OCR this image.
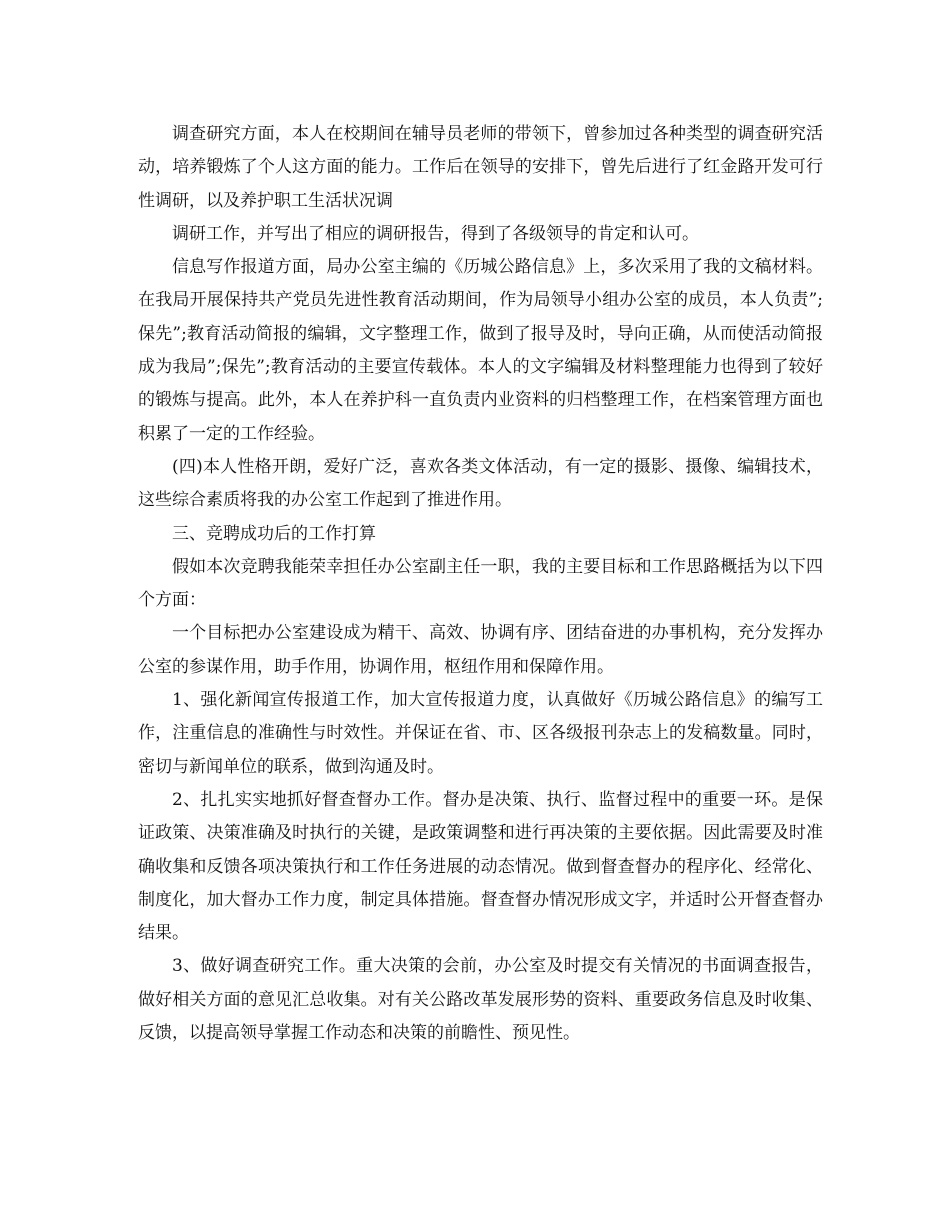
调查研究方面，本人在校期间在辅导员老师的带领下，曾参加过各种类型的调查研究活动，培养锻炼了个人这方面的能力。工作后在领导的安排下，曾先后进行了红金路开发可行性调研，以及养护职工生活状况调

调研工作，并写出了相应的调研报告，得到了各级领导的肯定和认可。

信息写作报道方面，局办公室主编的《历城公路信息》上，多次采用了我的文稿材料。在我局开展保持共产党员先进性教育活动期间，作为局领导小组办公室的成员，本人负责”;保先”;教育活动简报的编辑，文字整理工作，做到了报导及时，导向正确，从而使活动简报成为我局”;保先”;教育活动的主要宣传载体。本人的文字编辑及材料整理能力也得到了较好的锻炼与提高。此外，本人在养护科一直负责内业资料的归档整理工作，在档案管理方面也积累了一定的工作经验。

(四)本人性格开朗，爱好广泛，喜欢各类文体活动，有一定的摄影、摄像、编辑技术，这些综合素质将我的办公室工作起到了推进作用。

三、竞聘成功后的工作打算

假如本次竞聘我能荣幸担任办公室副主任一职，我的主要目标和工作思路概括为以下四个方面：

一个目标把办公室建设成为精干、高效、协调有序、团结奋进的办事机构，充分发挥办公室的参谋作用，助手作用，协调作用，枢纽作用和保障作用。

1、强化新闻宣传报道工作，加大宣传报道力度，认真做好《历城公路信息》的编写工作，注重信息的准确性与时效性。并保证在省、市、区各级报刊杂志上的发稿数量。同时，密切与新闻单位的联系，做到沟通及时。

2、扎扎实实地抓好督查督办工作。督办是决策、执行、监督过程中的重要一环。是保证政策、决策准确及时执行的关键，是政策调整和进行再决策的主要依据。因此需要及时准确收集和反馈各项决策执行和工作任务进展的动态情况。做到督查督办的程序化、经常化、制度化，加大督办工作力度，制定具体措施。督查督办情况形成文字，并适时公开督查督办结果。

3、做好调查研究工作。重大决策的会前，办公室及时提交有关情况的书面调查报告，做好相关方面的意见汇总收集。对有关公路改革发展形势的资料、重要政务信息及时收集、反馈，以提高领导掌握工作动态和决策的前瞻性、预见性。
